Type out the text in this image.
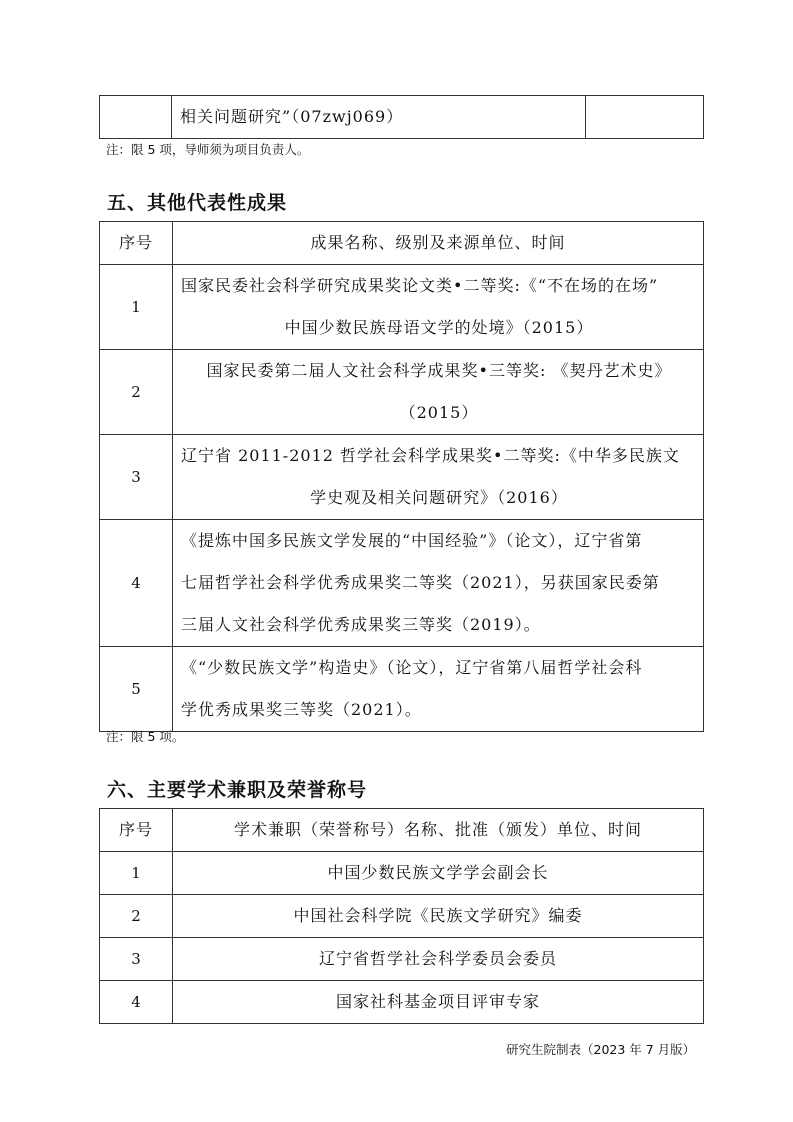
	相关问题研究”（07zwj069）	
注：限 5 项，导师须为项目负责人。
五、其他代表性成果
序号	成果名称、级别及来源单位、时间
1	国家民委社会科学研究成果奖论文类•二等奖:《“不在场的在场”
中国少数民族母语文学的处境》（2015）

2	国家民委第二届人文社会科学成果奖•三等奖: 《契丹艺术史》
（2015）

3	辽宁省 2011-2012 哲学社会科学成果奖•二等奖:《中华多民族文
学史观及相关问题研究》（2016）

4	《提炼中国多民族文学发展的“中国经验”》（论文），辽宁省第
七届哲学社会科学优秀成果奖二等奖（2021），另获国家民委第
三届人文社会科学优秀成果奖三等奖（2019）。

5	《“少数民族文学”构造史》（论文），辽宁省第八届哲学社会科
学优秀成果奖三等奖（2021）。
注：限 5 项。
六、主要学术兼职及荣誉称号
序号	学术兼职（荣誉称号）名称、批准（颁发）单位、时间
1	中国少数民族文学学会副会长
2	中国社会科学院《民族文学研究》编委
3	辽宁省哲学社会科学委员会委员
4	国家社科基金项目评审专家
研究生院制表（2023 年 7 月版）
